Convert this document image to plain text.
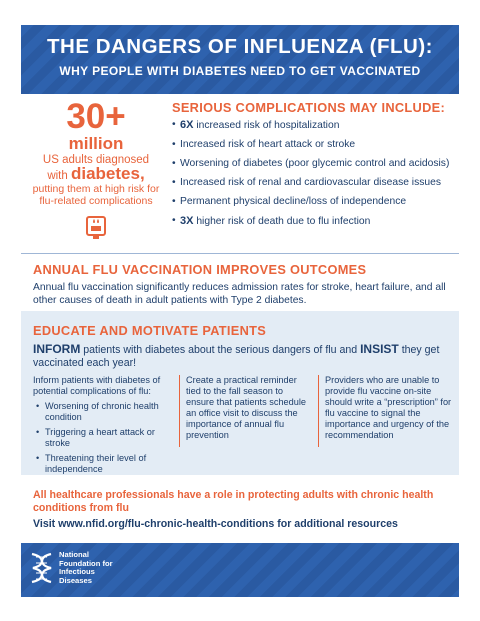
THE DANGERS OF INFLUENZA (FLU):
WHY PEOPLE WITH DIABETES NEED TO GET VACCINATED
30+
million
US adults diagnosed
with diabetes,
putting them at high risk for flu-related complications
SERIOUS COMPLICATIONS MAY INCLUDE:
• 6X increased risk of hospitalization
• Increased risk of heart attack or stroke
• Worsening of diabetes (poor glycemic control and acidosis)
• Increased risk of renal and cardiovascular disease issues
• Permanent physical decline/loss of independence
• 3X higher risk of death due to flu infection
ANNUAL FLU VACCINATION IMPROVES OUTCOMES

Annual flu vaccination significantly reduces admission rates for stroke, heart failure, and all other causes of death in adult patients with Type 2 diabetes.

EDUCATE AND MOTIVATE PATIENTS
INFORM patients with diabetes about the serious dangers of flu and INSIST they get vaccinated each year!
Inform patients with diabetes of potential complications of flu:
• Worsening of chronic health condition
• Triggering a heart attack or stroke
• Threatening their level of independence
Create a practical reminder tied to the fall season to ensure that patients schedule an office visit to discuss the importance of annual flu prevention
Providers who are unable to provide flu vaccine on-site should write a “prescription” for flu vaccine to signal the importance and urgency of the recommendation
All healthcare professionals have a role in protecting adults with chronic health conditions from flu
Visit www.nfid.org/flu-chronic-health-conditions for additional resources
National Foundation for Infectious Diseases
